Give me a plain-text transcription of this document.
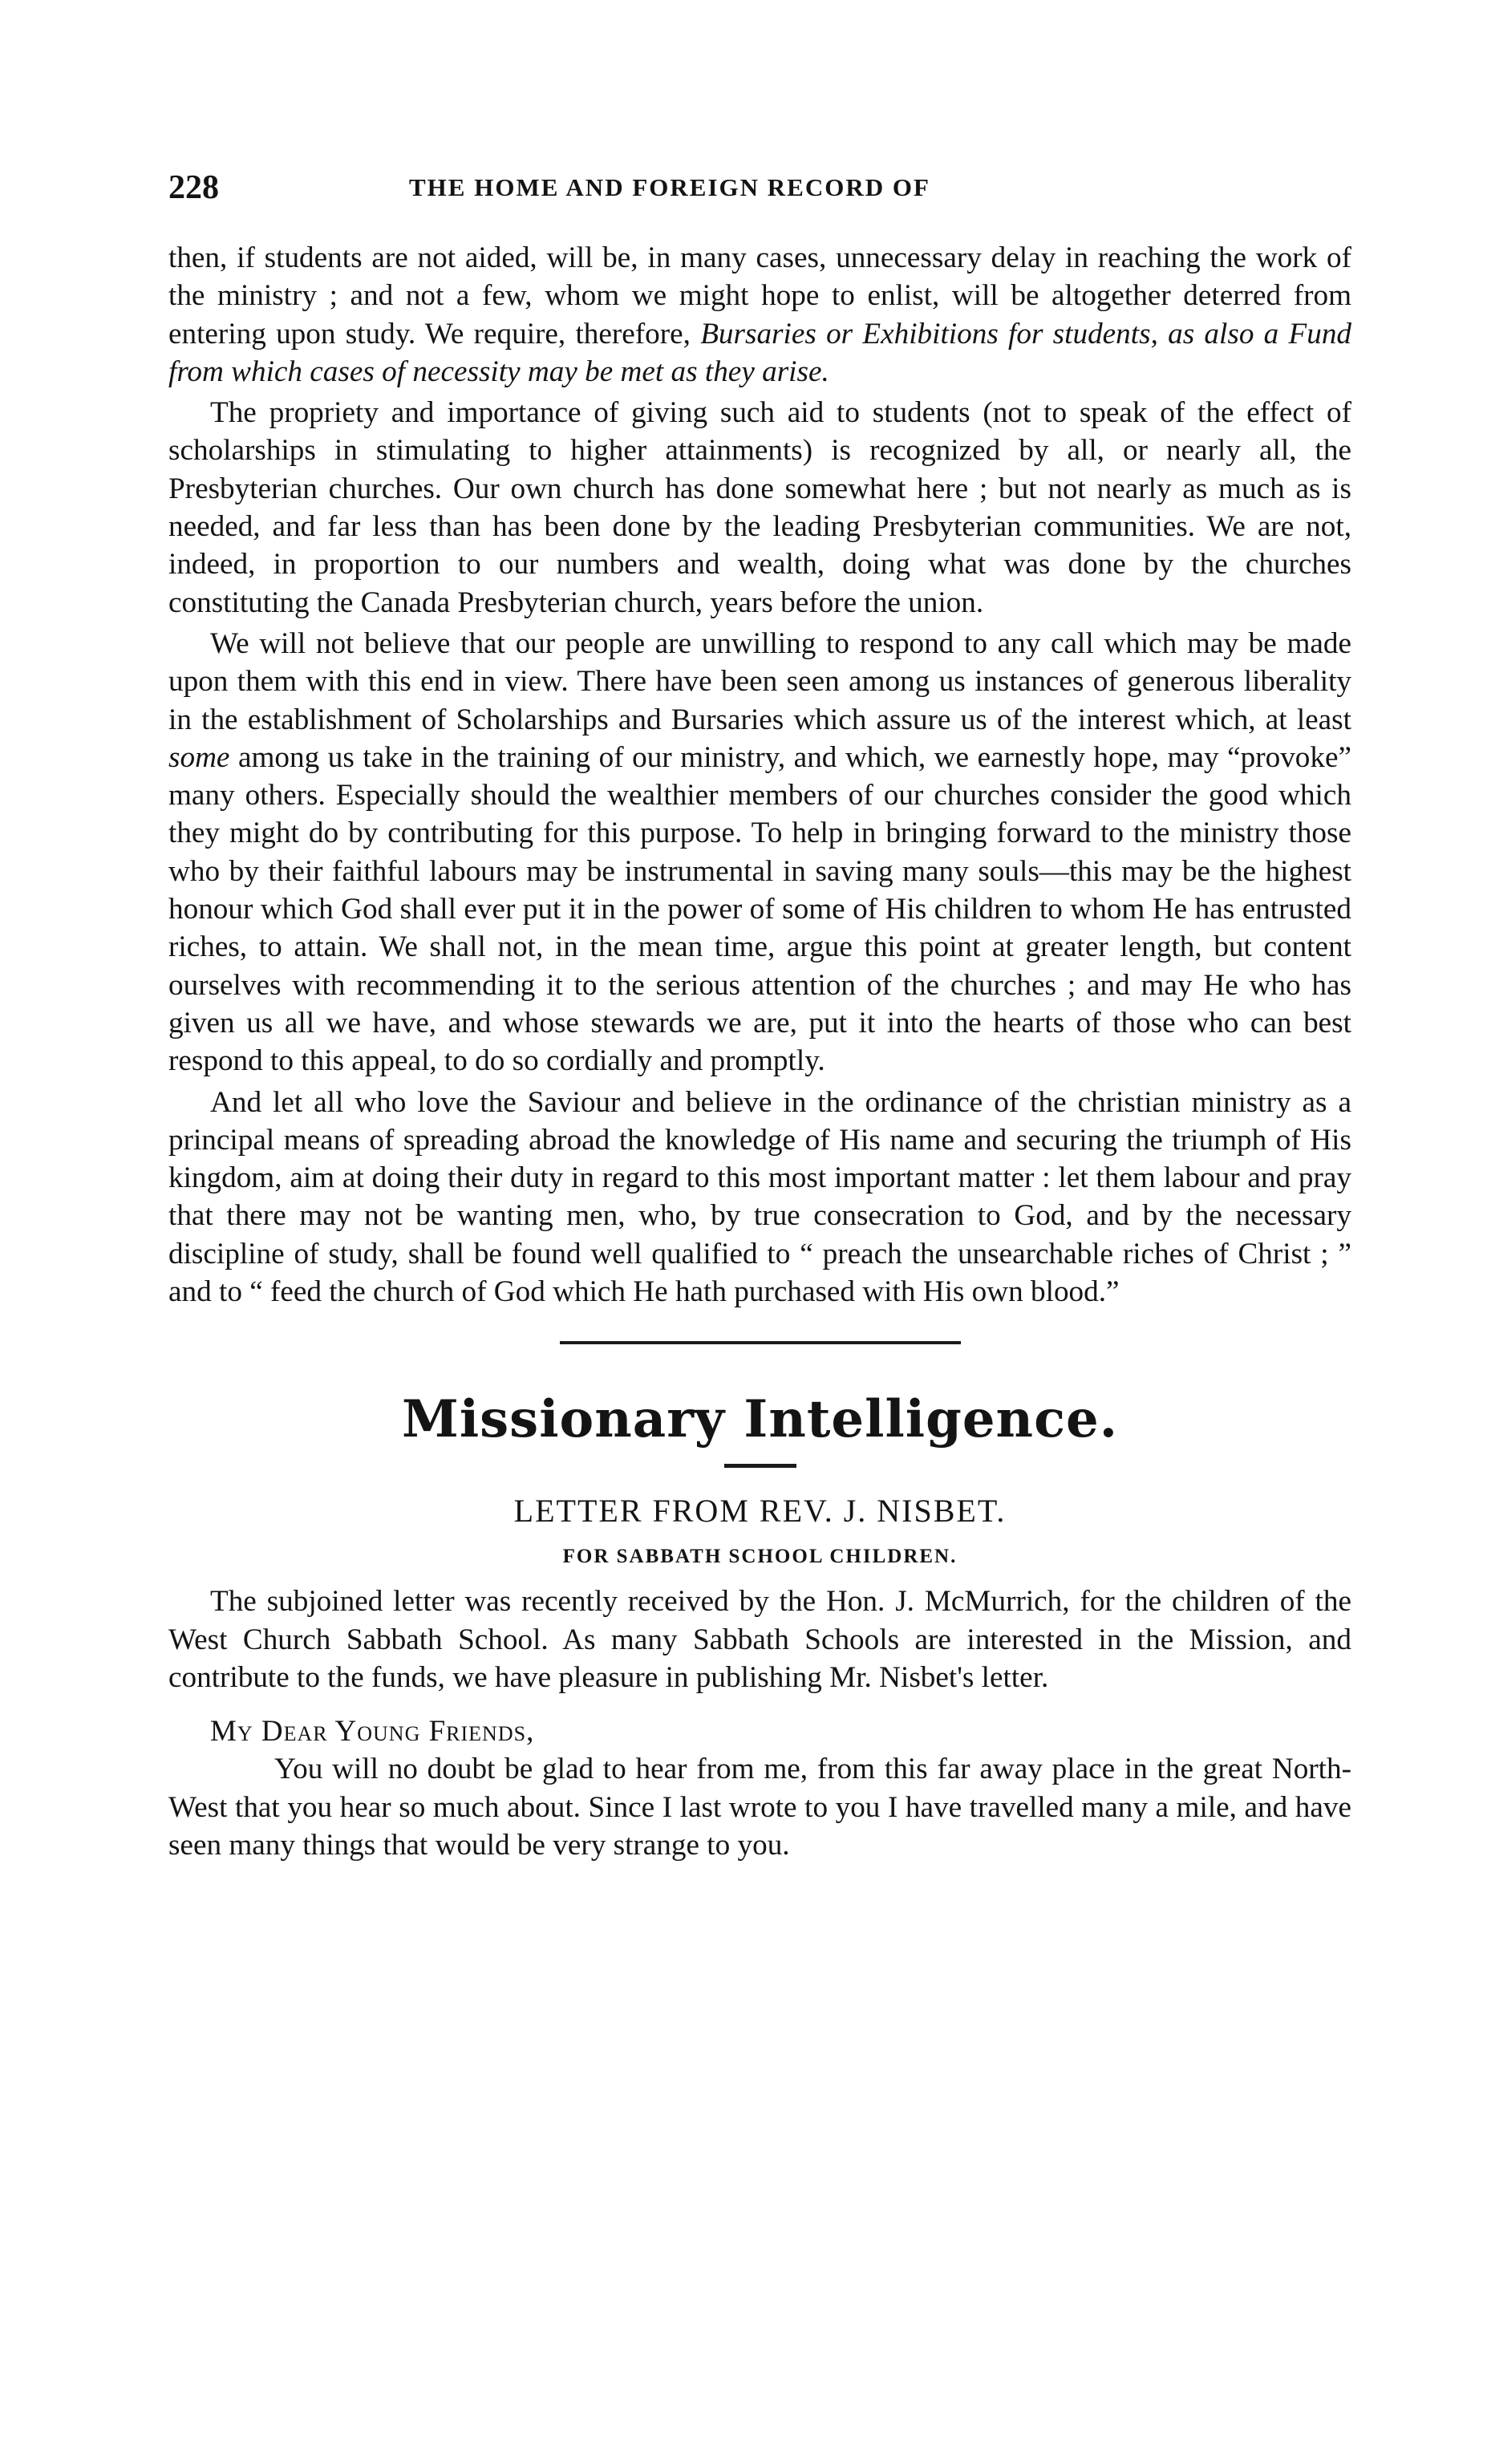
228	THE HOME AND FOREIGN RECORD OF

then, if students are not aided, will be, in many cases, unnecessary delay in reaching the work of the ministry ; and not a few, whom we might hope to enlist, will be altogether deterred from entering upon study. We require, therefore, Bursaries or Exhibitions for students, as also a Fund from which cases of necessity may be met as they arise.

The propriety and importance of giving such aid to students (not to speak of the effect of scholarships in stimulating to higher attainments) is recognized by all, or nearly all, the Presbyterian churches. Our own church has done somewhat here ; but not nearly as much as is needed, and far less than has been done by the leading Presbyterian communities. We are not, indeed, in proportion to our numbers and wealth, doing what was done by the churches constituting the Canada Presbyterian church, years before the union.

We will not believe that our people are unwilling to respond to any call which may be made upon them with this end in view. There have been seen among us instances of generous liberality in the establishment of Scholarships and Bursaries which assure us of the interest which, at least some among us take in the training of our ministry, and which, we earnestly hope, may “provoke” many others. Especially should the wealthier members of our churches consider the good which they might do by contributing for this purpose. To help in bringing forward to the ministry those who by their faithful labours may be instrumental in saving many souls—this may be the highest honour which God shall ever put it in the power of some of His children to whom He has entrusted riches, to attain. We shall not, in the mean time, argue this point at greater length, but content ourselves with recommending it to the serious attention of the churches ; and may He who has given us all we have, and whose stewards we are, put it into the hearts of those who can best respond to this appeal, to do so cordially and promptly.

And let all who love the Saviour and believe in the ordinance of the christian ministry as a principal means of spreading abroad the knowledge of His name and securing the triumph of His kingdom, aim at doing their duty in regard to this most important matter : let them labour and pray that there may not be wanting men, who, by true consecration to God, and by the necessary discipline of study, shall be found well qualified to “ preach the unsearchable riches of Christ ; ” and to “ feed the church of God which He hath purchased with His own blood.”

Missionary Intelligence.
LETTER FROM REV. J. NISBET.
FOR SABBATH SCHOOL CHILDREN.

The subjoined letter was recently received by the Hon. J. McMurrich, for the children of the West Church Sabbath School. As many Sabbath Schools are interested in the Mission, and contribute to the funds, we have pleasure in publishing Mr. Nisbet's letter.

My Dear Young Friends,

You will no doubt be glad to hear from me, from this far away place in the great North-West that you hear so much about. Since I last wrote to you I have travelled many a mile, and have seen many things that would be very strange to you.
